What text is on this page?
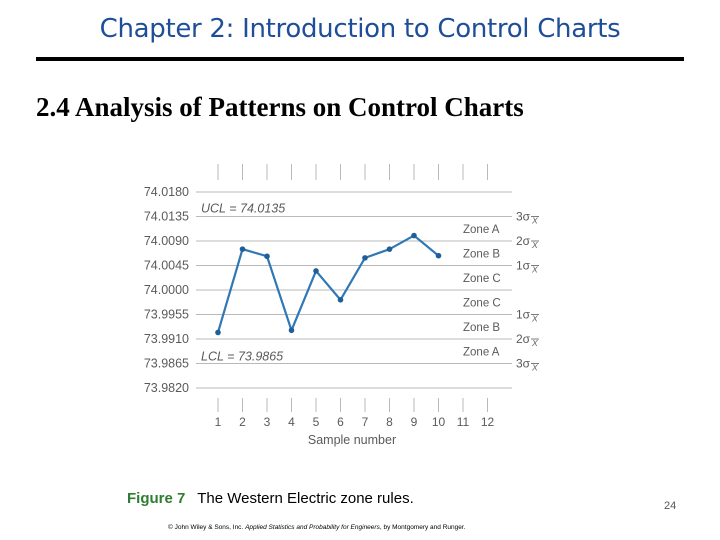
Chapter 2: Introduction to Control Charts
2.4 Analysis of Patterns on Control Charts
1 2 3 4 5 6 7 8 9 10 11 12
74.0180
74.0135
74.0090
74.0045
74.0000
73.9955
73.9910
73.9865
73.9820
UCL = 74.0135
LCL = 73.9865
Zone A
3σ X
Zone B
2σ X
Zone C
1σ X
Zone C
Zone B
1σ X
Zone A
2σ X
3σ X
Sample number
Figure 7 The Western Electric zone rules.	24
© John Wiley & Sons, Inc. Applied Statistics and Probability for Engineers, by Montgomery and Runger.
